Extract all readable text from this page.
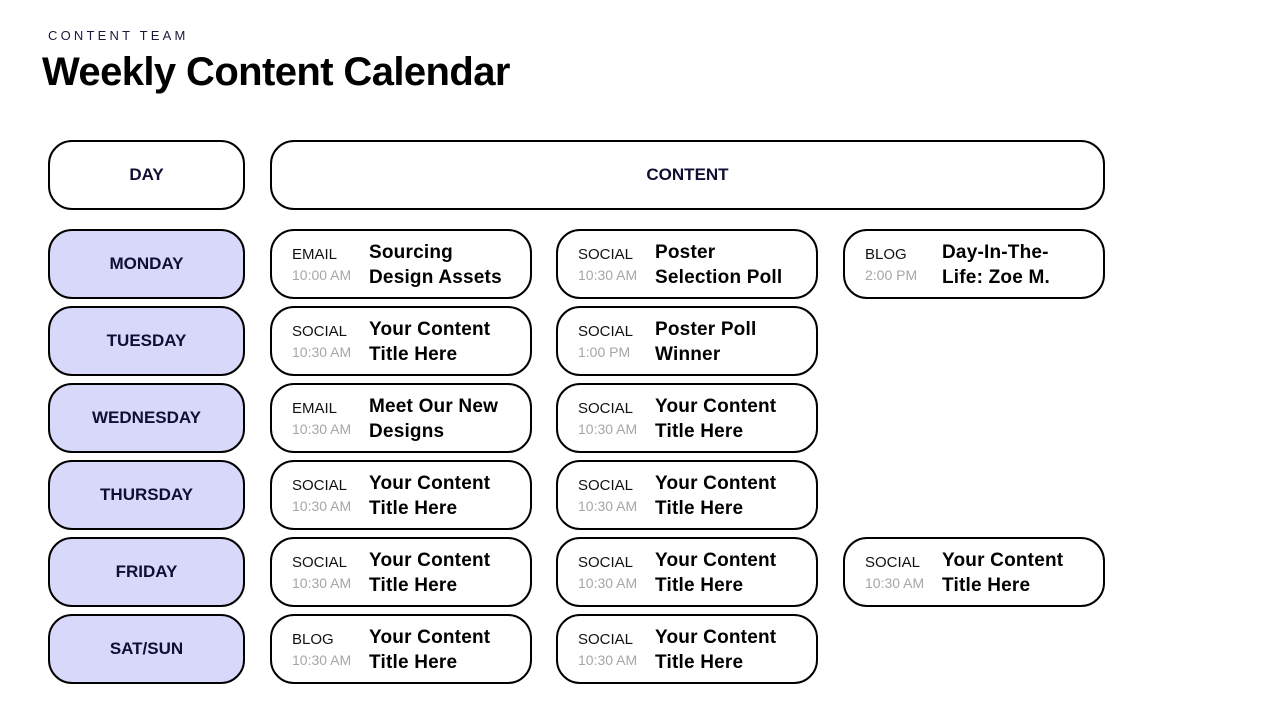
CONTENT TEAM
Weekly Content Calendar
DAY	CONTENT
MONDAY	EMAIL
10:00 AM
Sourcing Design Assets
SOCIAL
10:30 AM
Poster Selection Poll
BLOG
2:00 PM
Day-In-The-Life: Zoe M.
TUESDAY	SOCIAL
10:30 AM
Your Content Title Here
SOCIAL
1:00 PM
Poster Poll Winner
WEDNESDAY	EMAIL
10:30 AM
Meet Our New Designs
SOCIAL
10:30 AM
Your Content Title Here
THURSDAY	SOCIAL
10:30 AM
Your Content Title Here
SOCIAL
10:30 AM
Your Content Title Here
FRIDAY	SOCIAL
10:30 AM
Your Content Title Here
SOCIAL
10:30 AM
Your Content Title Here
SOCIAL
10:30 AM
Your Content Title Here
SAT/SUN	BLOG
10:30 AM
Your Content Title Here
SOCIAL
10:30 AM
Your Content Title Here
